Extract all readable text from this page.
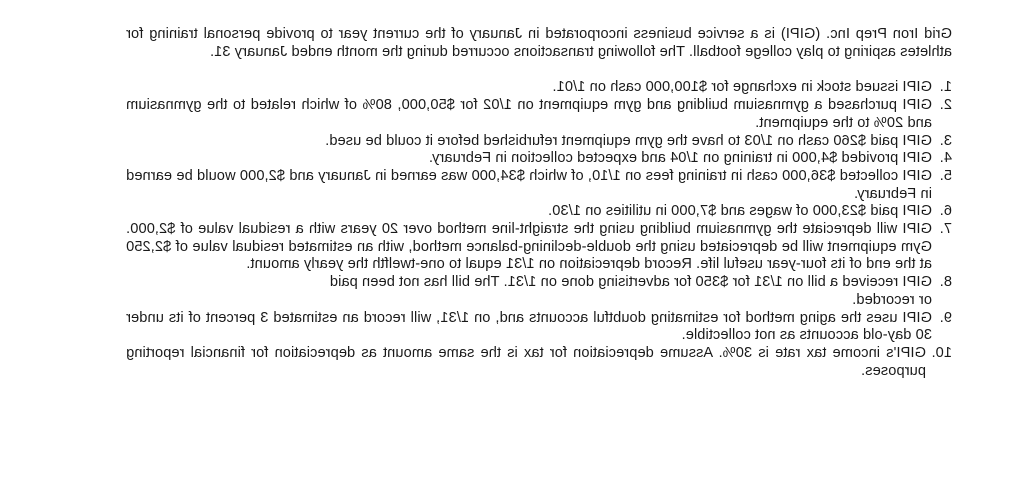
Grid Iron Prep Inc. (GIPI) is a service business incorporated in January of the current year to provide personal training for athletes aspiring to play college football. The following transactions occurred during the month ended January 31.

1.
GIPI issued stock in exchange for $100,000 cash on 1/01.
2.
GIPI purchased a gymnasium building and gym equipment on 1/02 for $50,000, 80% of which related to the gymnasium and 20% to the equipment.
3.
GIPI paid $260 cash on 1/03 to have the gym equipment refurbished before it could be used.
4.
GIPI provided $4,000 in training on 1/04 and expected collection in February.
5.
GIPI collected $36,000 cash in training fees on 1/10, of which $34,000 was earned in January and $2,000 would be earned in February.
6.
GIPI paid $23,000 of wages and $7,000 in utilities on 1/30.
7.
GIPI will depreciate the gymnasium building using the straight-line method over 20 years with a residual value of $2,000. Gym equipment will be depreciated using the double-declining-balance method, with an estimated residual value of $2,250 at the end of its four-year useful life. Record depreciation on 1/31 equal to one-twelfth the yearly amount.
8.
GIPI received a bill on 1/31 for $350 for advertising done on 1/31. The bill has not been paid
or recorded.
9.
GIPI uses the aging method for estimating doubtful accounts and, on 1/31, will record an estimated 3 percent of its under 30 day-old accounts as not collectible.
10.
GIPI's income tax rate is 30%. Assume depreciation for tax is the same amount as depreciation for financial reporting purposes.
